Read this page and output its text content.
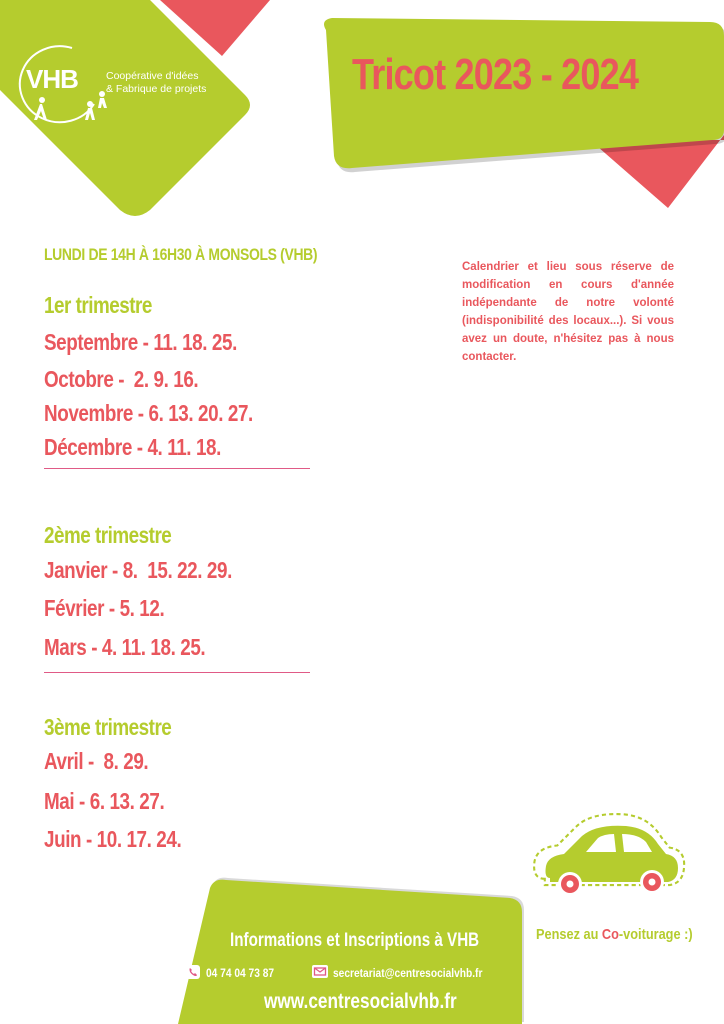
VHB	Coopérative d'idées
& Fabrique de projets	Tricot 2023 - 2024
LUNDI DE 14H À 16H30 À MONSOLS (VHB)
1er trimestre
Septembre - 11. 18. 25.
Octobre -  2. 9. 16.
Novembre - 6. 13. 20. 27.
Décembre - 4. 11. 18.
2ème trimestre
Janvier - 8.  15. 22. 29.
Février - 5. 12.
Mars - 4. 11. 18. 25.
3ème trimestre
Avril -  8. 29.
Mai - 6. 13. 27.
Juin - 10. 17. 24.
Calendrier et lieu sous réserve de modification en cours d'année indépendante de notre volonté (indisponibilité des locaux...). Si vous avez un doute, n'hésitez pas à nous contacter.
Pensez au Co-voiturage :)
Informations et Inscriptions à VHB
04 74 04 73 87	secretariat@centresocialvhb.fr
www.centresocialvhb.fr
